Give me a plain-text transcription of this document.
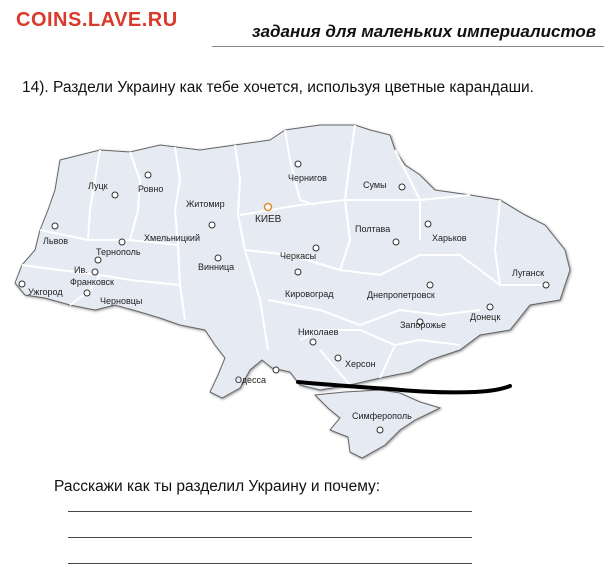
COINS.LAVE.RU
задания для маленьких империалистов
14). Раздели Украину как тебе хочется, используя цветные карандаши.
Луцк	Ровно
Житомир
Чернигов
Сумы
Львов	Хмельницкий
Тернополь
Ив.
Франковск
Ужгород
Черновцы
Винница
КИЕВ
Черкасы
Полтава
Харьков
Луганск
Кировоград	Днепропетровск
Донецк
Запорожье
Николаев
Херсон
Одесса
Симферополь
Расскажи как ты разделил Украину и почему:
